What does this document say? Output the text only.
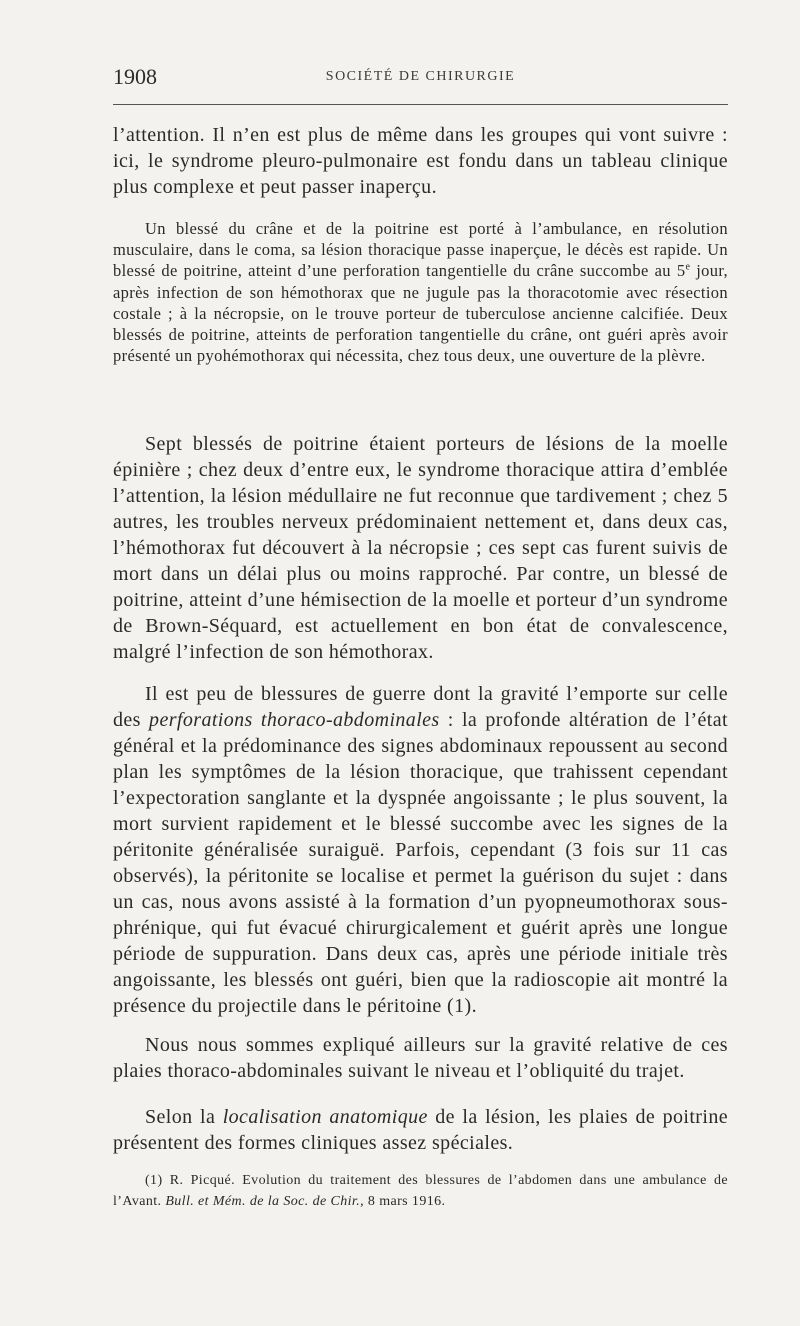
1908	SOCIÉTÉ DE CHIRURGIE

l’attention. Il n’en est plus de même dans les groupes qui vont suivre : ici, le syndrome pleuro-pulmonaire est fondu dans un tableau clinique plus complexe et peut passer inaperçu.

Un blessé du crâne et de la poitrine est porté à l’ambulance, en résolution musculaire, dans le coma, sa lésion thoracique passe inaperçue, le décès est rapide. Un blessé de poitrine, atteint d’une perforation tangentielle du crâne succombe au 5e jour, après infection de son hémothorax que ne jugule pas la thoracotomie avec résection costale ; à la nécropsie, on le trouve porteur de tuberculose ancienne calcifiée. Deux blessés de poitrine, atteints de perforation tangentielle du crâne, ont guéri après avoir présenté un pyohémothorax qui nécessita, chez tous deux, une ouverture de la plèvre.

Sept blessés de poitrine étaient porteurs de lésions de la moelle épinière ; chez deux d’entre eux, le syndrome thoracique attira d’emblée l’attention, la lésion médullaire ne fut reconnue que tardivement ; chez 5 autres, les troubles nerveux prédominaient nettement et, dans deux cas, l’hémothorax fut découvert à la nécropsie ; ces sept cas furent suivis de mort dans un délai plus ou moins rapproché. Par contre, un blessé de poitrine, atteint d’une hémisection de la moelle et porteur d’un syndrome de Brown-Séquard, est actuellement en bon état de convalescence, malgré l’infection de son hémothorax.

Il est peu de blessures de guerre dont la gravité l’emporte sur celle des perforations thoraco-abdominales : la profonde altération de l’état général et la prédominance des signes abdominaux repoussent au second plan les symptômes de la lésion thoracique, que trahissent cependant l’expectoration sanglante et la dyspnée angoissante ; le plus souvent, la mort survient rapidement et le blessé succombe avec les signes de la péritonite généralisée suraiguë. Parfois, cependant (3 fois sur 11 cas observés), la péritonite se localise et permet la guérison du sujet : dans un cas, nous avons assisté à la formation d’un pyopneumothorax sous-phrénique, qui fut évacué chirurgicalement et guérit après une longue période de suppuration. Dans deux cas, après une période initiale très angoissante, les blessés ont guéri, bien que la radioscopie ait montré la présence du projectile dans le péritoine (1).

Nous nous sommes expliqué ailleurs sur la gravité relative de ces plaies thoraco-abdominales suivant le niveau et l’obliquité du trajet.

Selon la localisation anatomique de la lésion, les plaies de poitrine présentent des formes cliniques assez spéciales.

(1) R. Picqué. Evolution du traitement des blessures de l’abdomen dans une ambulance de l’Avant. Bull. et Mém. de la Soc. de Chir., 8 mars 1916.
